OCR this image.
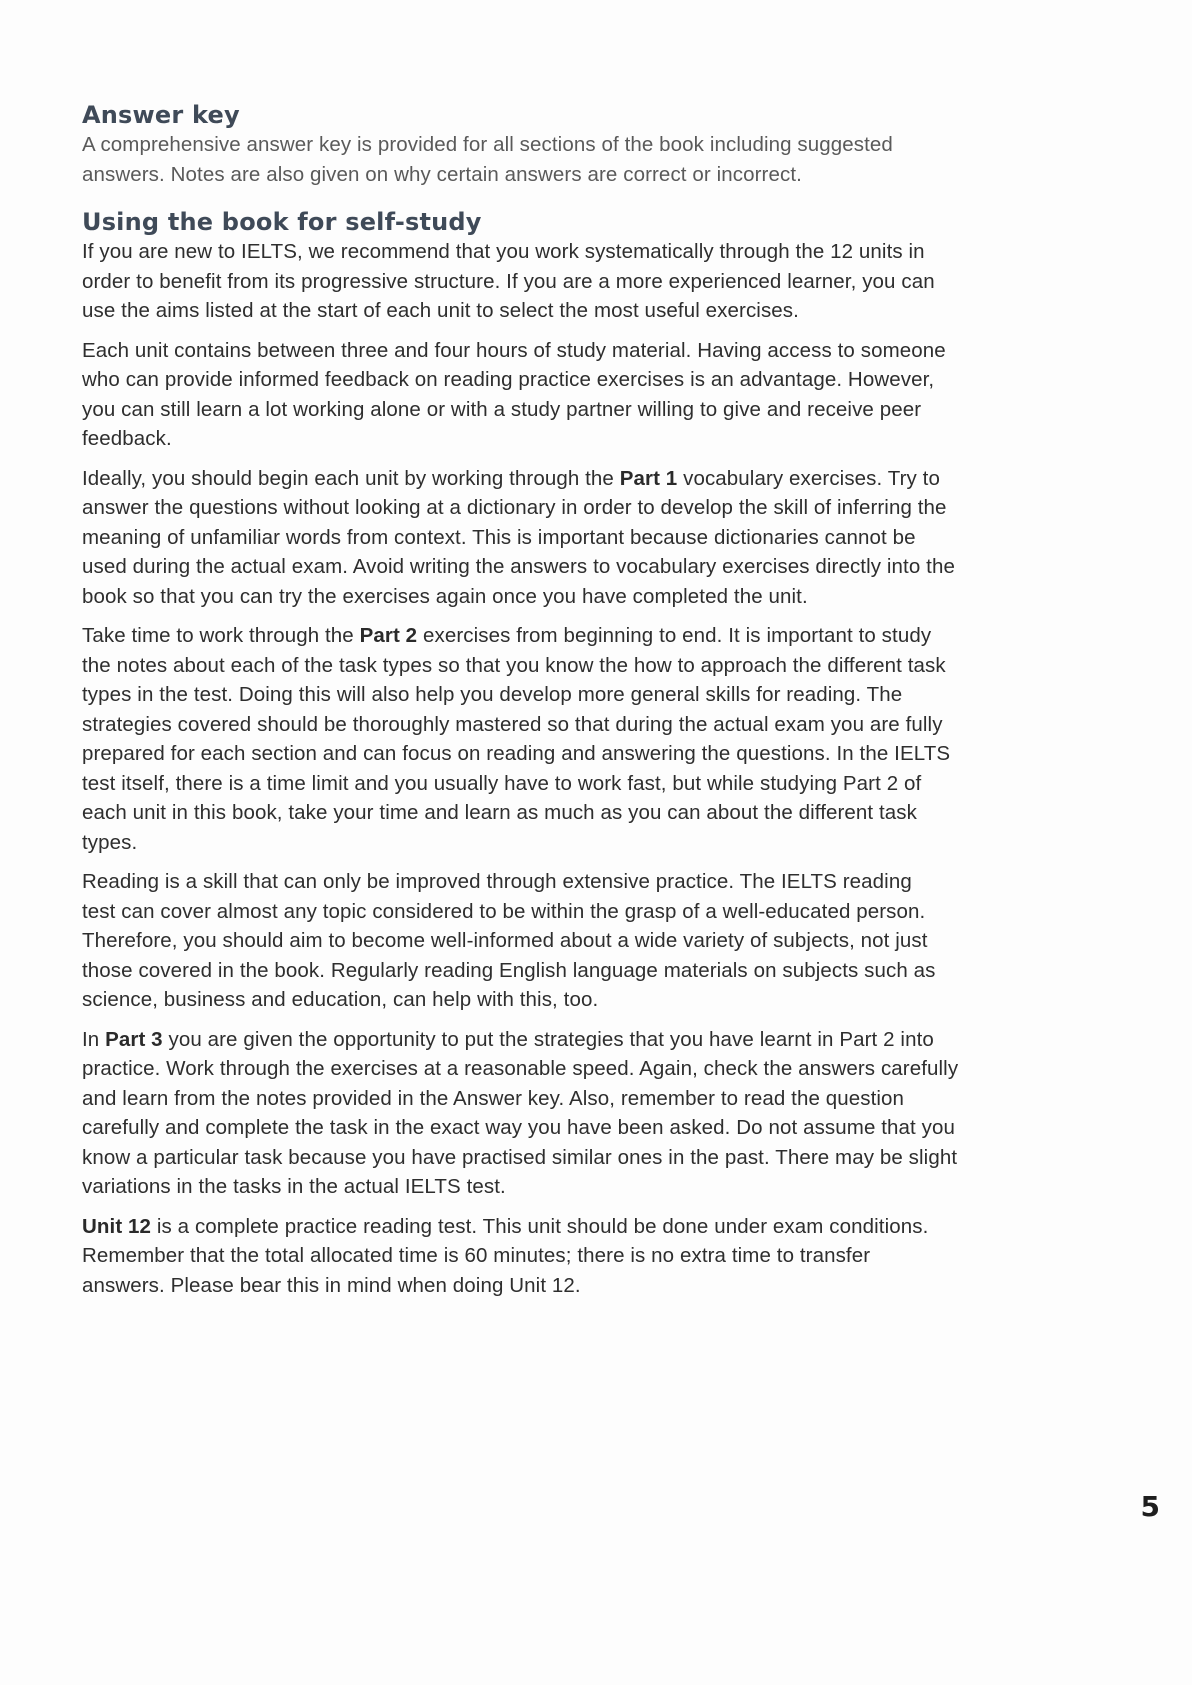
Answer key

A comprehensive answer key is provided for all sections of the book including suggested
answers. Notes are also given on why certain answers are correct or incorrect.

Using the book for self-study

If you are new to IELTS, we recommend that you work systematically through the 12 units in
order to benefit from its progressive structure. If you are a more experienced learner, you can
use the aims listed at the start of each unit to select the most useful exercises.

Each unit contains between three and four hours of study material. Having access to someone
who can provide informed feedback on reading practice exercises is an advantage. However,
you can still learn a lot working alone or with a study partner willing to give and receive peer
feedback.

Ideally, you should begin each unit by working through the Part 1 vocabulary exercises. Try to
answer the questions without looking at a dictionary in order to develop the skill of inferring the
meaning of unfamiliar words from context. This is important because dictionaries cannot be
used during the actual exam. Avoid writing the answers to vocabulary exercises directly into the
book so that you can try the exercises again once you have completed the unit.

Take time to work through the Part 2 exercises from beginning to end. It is important to study
the notes about each of the task types so that you know the how to approach the different task
types in the test. Doing this will also help you develop more general skills for reading. The
strategies covered should be thoroughly mastered so that during the actual exam you are fully
prepared for each section and can focus on reading and answering the questions. In the IELTS
test itself, there is a time limit and you usually have to work fast, but while studying Part 2 of
each unit in this book, take your time and learn as much as you can about the different task
types.

Reading is a skill that can only be improved through extensive practice. The IELTS reading
test can cover almost any topic considered to be within the grasp of a well-educated person.
Therefore, you should aim to become well-informed about a wide variety of subjects, not just
those covered in the book. Regularly reading English language materials on subjects such as
science, business and education, can help with this, too.

In Part 3 you are given the opportunity to put the strategies that you have learnt in Part 2 into
practice. Work through the exercises at a reasonable speed. Again, check the answers carefully
and learn from the notes provided in the Answer key. Also, remember to read the question
carefully and complete the task in the exact way you have been asked. Do not assume that you
know a particular task because you have practised similar ones in the past. There may be slight
variations in the tasks in the actual IELTS test.

Unit 12 is a complete practice reading test. This unit should be done under exam conditions.
Remember that the total allocated time is 60 minutes; there is no extra time to transfer
answers. Please bear this in mind when doing Unit 12.

5
